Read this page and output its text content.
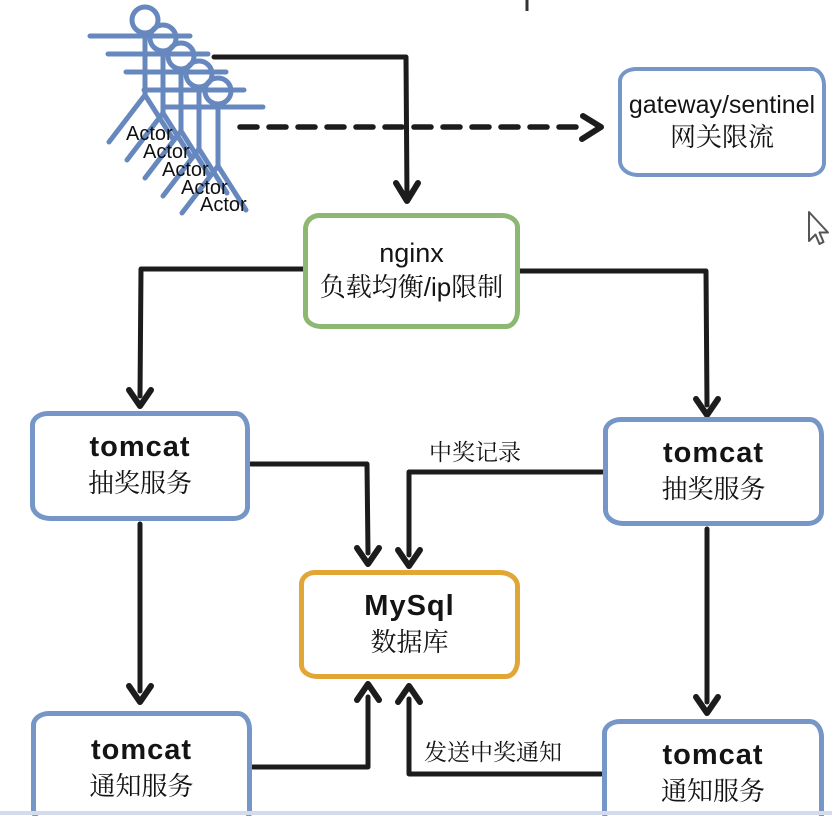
Actor
Actor
Actor
Actor
Actor
gateway/sentinel
网关限流
nginx
负载均衡/ip限制
tomcat
抽奖服务
tomcat
抽奖服务
MySql
数据库
tomcat
通知服务
tomcat
通知服务
中奖记录
发送中奖通知
